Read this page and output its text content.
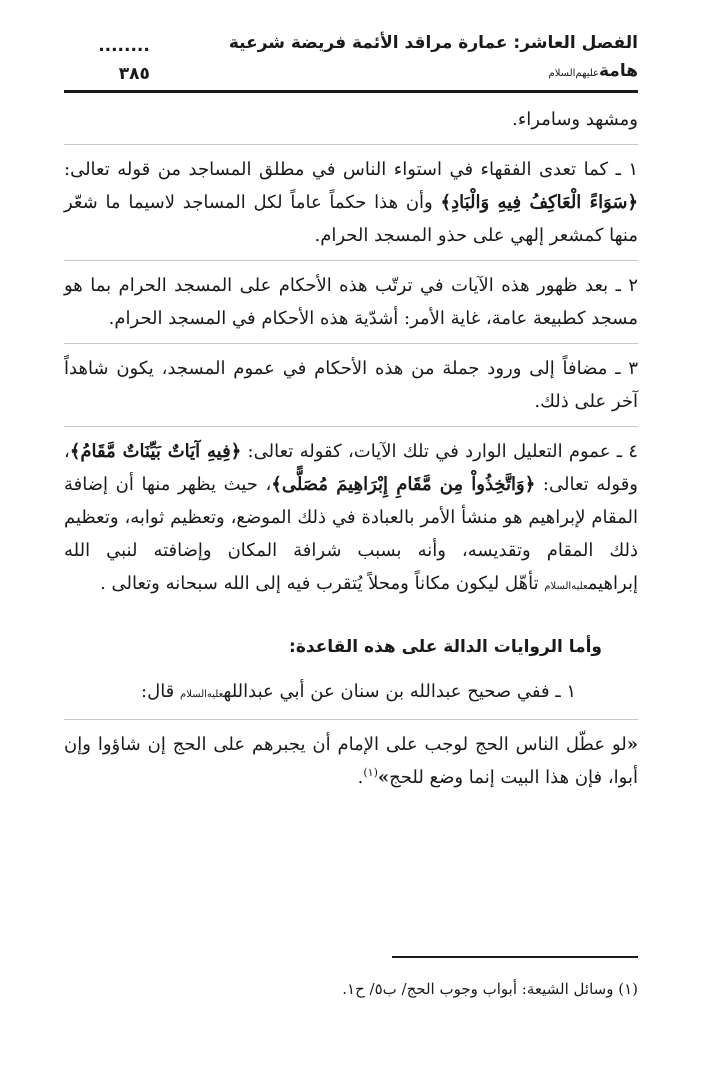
الفصل العاشر: عمارة مراقد الأئمة فريضة شرعية هامةعليهم‌السلام
........ ٣٨٥

ومشهد وسامراء.

١ ـ كما تعدى الفقهاء في استواء الناس في مطلق المساجد من قوله تعالى: ﴿سَوَاءً الْعَاكِفُ فِيهِ وَالْبَادِ﴾ وأن هذا حكماً عاماً لكل المساجد لاسيما ما شعّر منها كمشعر إلهي على حذو المسجد الحرام.

٢ ـ بعد ظهور هذه الآيات في ترتّب هذه الأحكام على المسجد الحرام بما هو مسجد كطبيعة عامة، غاية الأمر: أشدّية هذه الأحكام في المسجد الحرام.

٣ ـ مضافاً إلى ورود جملة من هذه الأحكام في عموم المسجد، يكون شاهداً آخر على ذلك.

٤ ـ عموم التعليل الوارد في تلك الآيات، كقوله تعالى: ﴿فِيهِ آيَاتٌ بَيِّنَاتٌ مَّقَامُ﴾، وقوله تعالى: ﴿وَاتَّخِذُواْ مِن مَّقَامِ إِبْرَاهِيمَ مُصَلًّى﴾، حيث يظهر منها أن إضافة المقام لإبراهيم هو منشأ الأمر بالعبادة في ذلك الموضع، وتعظيم ثوابه، وتعظيم ذلك المقام وتقديسه، وأنه بسبب شرافة المكان وإضافته لنبي الله إبراهيمعليه‌السلام تأهّل ليكون مكاناً ومحلاً يُتقرب فيه إلى الله سبحانه وتعالى .

وأما الروايات الدالة على هذه القاعدة:

١ ـ ففي صحيح عبدالله بن سنان عن أبي عبداللهعليه‌السلام قال:

«لو عطّل الناس الحج لوجب على الإمام أن يجبرهم على الحج إن شاؤوا وإن أبوا، فإن هذا البيت إنما وضع للحج»$^{(١)}$.

(١) وسائل الشيعة: أبواب وجوب الحج/ ب٥/ ح١.
